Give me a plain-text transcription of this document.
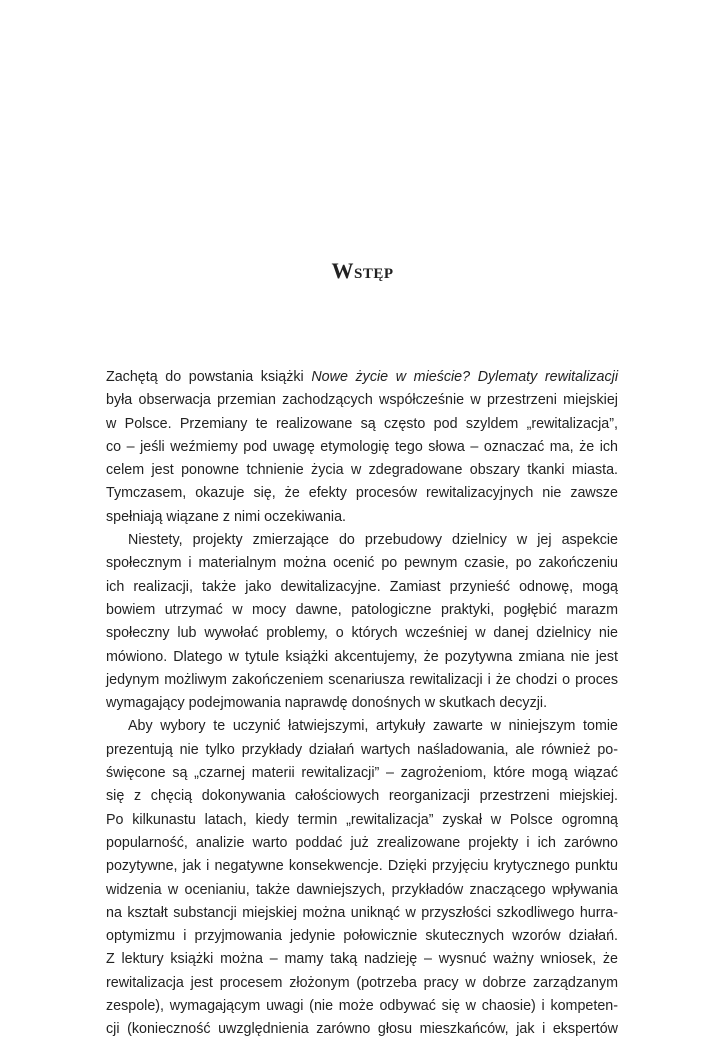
Wstęp
Zachętą do powstania książki Nowe życie w mieście? Dylematy rewitalizacji
była obserwacja przemian zachodzących współcześnie w przestrzeni miejskiej
w Polsce. Przemiany te realizowane są często pod szyldem „rewitalizacja”,
co – jeśli weźmiemy pod uwagę etymologię tego słowa – oznaczać ma, że ich
celem jest ponowne tchnienie życia w zdegradowane obszary tkanki miasta.
Tymczasem, okazuje się, że efekty procesów rewitalizacyjnych nie zawsze
spełniają wiązane z nimi oczekiwania.
Niestety, projekty zmierzające do przebudowy dzielnicy w jej aspekcie
społecznym i materialnym można ocenić po pewnym czasie, po zakończeniu
ich realizacji, także jako dewitalizacyjne. Zamiast przynieść odnowę, mogą
bowiem utrzymać w mocy dawne, patologiczne praktyki, pogłębić marazm
społeczny lub wywołać problemy, o których wcześniej w danej dzielnicy nie
mówiono. Dlatego w tytule książki akcentujemy, że pozytywna zmiana nie jest
jedynym możliwym zakończeniem scenariusza rewitalizacji i że chodzi o proces
wymagający podejmowania naprawdę donośnych w skutkach decyzji.
Aby wybory te uczynić łatwiejszymi, artykuły zawarte w niniejszym tomie
prezentują nie tylko przykłady działań wartych naśladowania, ale również po-
święcone są „czarnej materii rewitalizacji” – zagrożeniom, które mogą wiązać
się z chęcią dokonywania całościowych reorganizacji przestrzeni miejskiej.
Po kilkunastu latach, kiedy termin „rewitalizacja” zyskał w Polsce ogromną
popularność, analizie warto poddać już zrealizowane projekty i ich zarówno
pozytywne, jak i negatywne konsekwencje. Dzięki przyjęciu krytycznego punktu
widzenia w ocenianiu, także dawniejszych, przykładów znaczącego wpływania
na kształt substancji miejskiej można uniknąć w przyszłości szkodliwego hurra-
optymizmu i przyjmowania jedynie połowicznie skutecznych wzorów działań.
Z lektury książki można – mamy taką nadzieję – wysnuć ważny wniosek, że
rewitalizacja jest procesem złożonym (potrzeba pracy w dobrze zarządzanym
zespole), wymagającym uwagi (nie może odbywać się w chaosie) i kompeten-
cji (konieczność uwzględnienia zarówno głosu mieszkańców, jak i ekspertów
